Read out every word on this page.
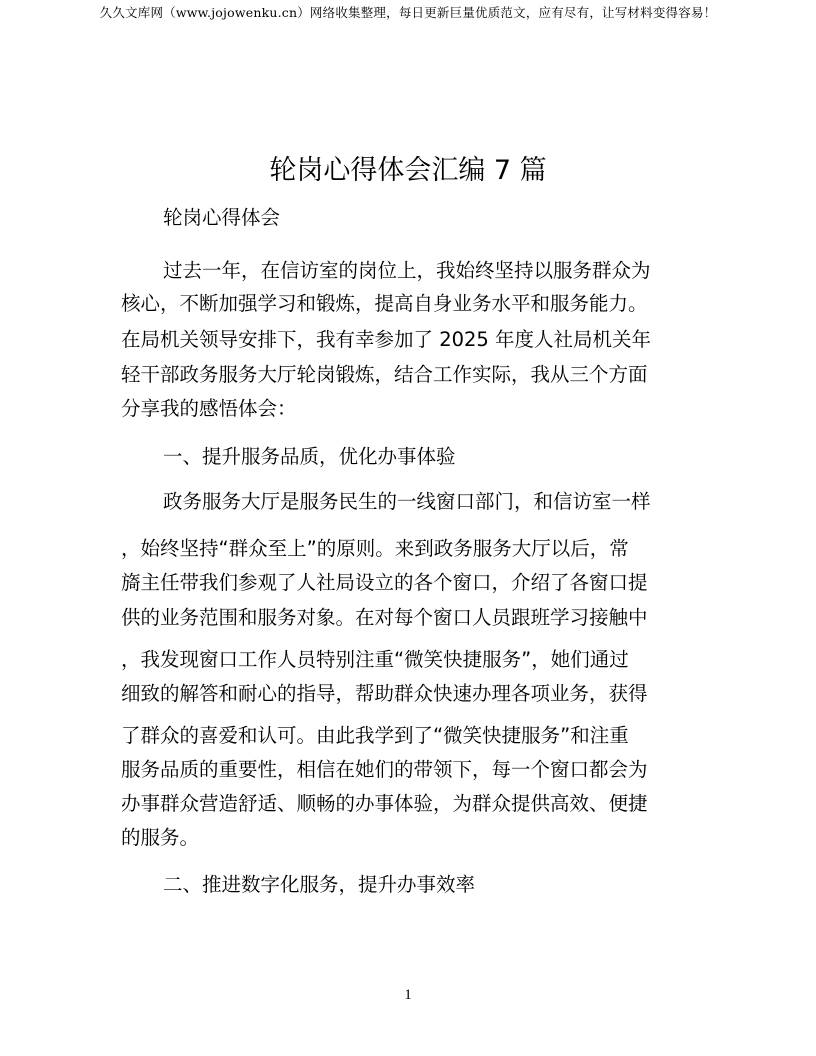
久久文库网（www.jojowenku.cn）网络收集整理，每日更新巨量优质范文，应有尽有，让写材料变得容易！
轮岗心得体会汇编 7 篇
轮岗心得体会
过去一年，在信访室的岗位上，我始终坚持以服务群众为
核心，不断加强学习和锻炼，提高自身业务水平和服务能力。
在局机关领导安排下，我有幸参加了 2025 年度人社局机关年
轻干部政务服务大厅轮岗锻炼，结合工作实际，我从三个方面
分享我的感悟体会：
一、提升服务品质，优化办事体验
政务服务大厅是服务民生的一线窗口部门，和信访室一样
，始终坚持“群众至上”的原则。来到政务服务大厅以后，常
旖主任带我们参观了人社局设立的各个窗口，介绍了各窗口提
供的业务范围和服务对象。在对每个窗口人员跟班学习接触中
，我发现窗口工作人员特别注重“微笑快捷服务”，她们通过
细致的解答和耐心的指导，帮助群众快速办理各项业务，获得
了群众的喜爱和认可。由此我学到了“微笑快捷服务”和注重
服务品质的重要性，相信在她们的带领下，每一个窗口都会为
办事群众营造舒适、顺畅的办事体验，为群众提供高效、便捷
的服务。
二、推进数字化服务，提升办事效率
1
